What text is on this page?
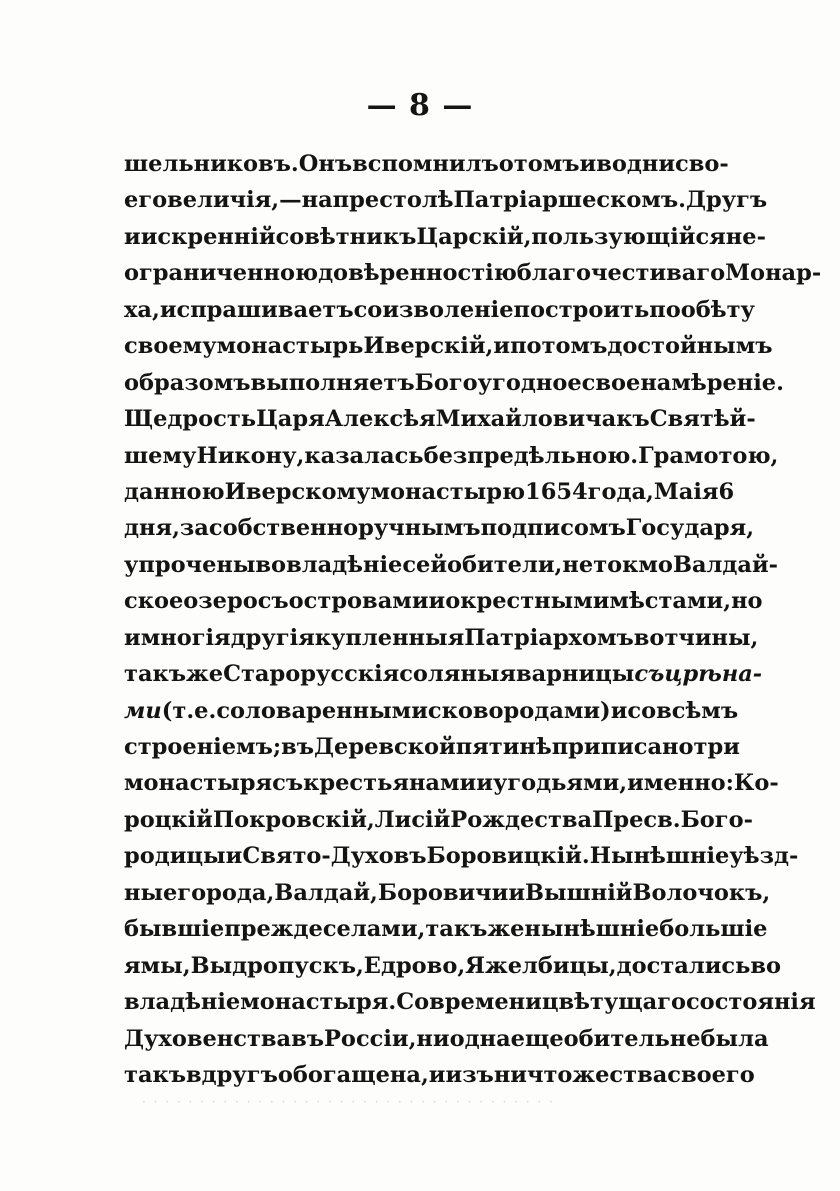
— 8 —
шельниковъ. Онъ вспомнилъ о томъ и во дни сво-
его величія, — на престолѣ Патріаршескомъ. Другъ
и искренній совѣтникъ Царскій, пользующійся не-
ограниченною довѣренностію благочестиваго Монар-
ха, испрашиваетъ соизволеніе построить по обѣту
своему монастырь Иверскій, и потомъ достойнымъ
образомъ выполняетъ Богоугодное свое намѣреніе.
Щедрость Царя Алексѣя Михайловича къ Святѣй-
шему Никону, казалась безпредѣльною. Грамотою,
данною Иверскому монастырю 1654 года, Маія 6
дня, за собственноручнымъ подписомъ Государя,
упрочены во владѣніе сей обители, не токмо Валдай-
ское озеро съ островами и окрестными мѣстами, но
и многія другія купленныя Патріархомъ вотчины,
такъ же Старорусскія соляныя варницы съ црѣна-
ми (т. е. соловаренными сковородами) и со всѣмъ
строеніемъ; въ Деревской пятинѣ приписано три
монастыря съ крестьянами и угодьями, именно: Ко-
роцкій Покровскій, Лисій Рождества Пресв. Бого-
родицы и Свято-Духовъ Боровицкій. Нынѣшніе уѣзд-
ные города, Валдай, Боровичи и Вышній Волочокъ,
бывшіе прежде селами, такъ же нынѣшніе большіе
ямы, Выдропускъ, Едрово, Яжелбицы, достались во
владѣніе монастыря. Со времени цвѣтущаго состоянія
Духовенства въ Россіи, ни одна еще обитель не была
такъ вдругъ обогащена, и изъ ничтожества своего
· · · · · · · · · · · · · · · · · · · · · · · · · · · · · · · · · · · ·
